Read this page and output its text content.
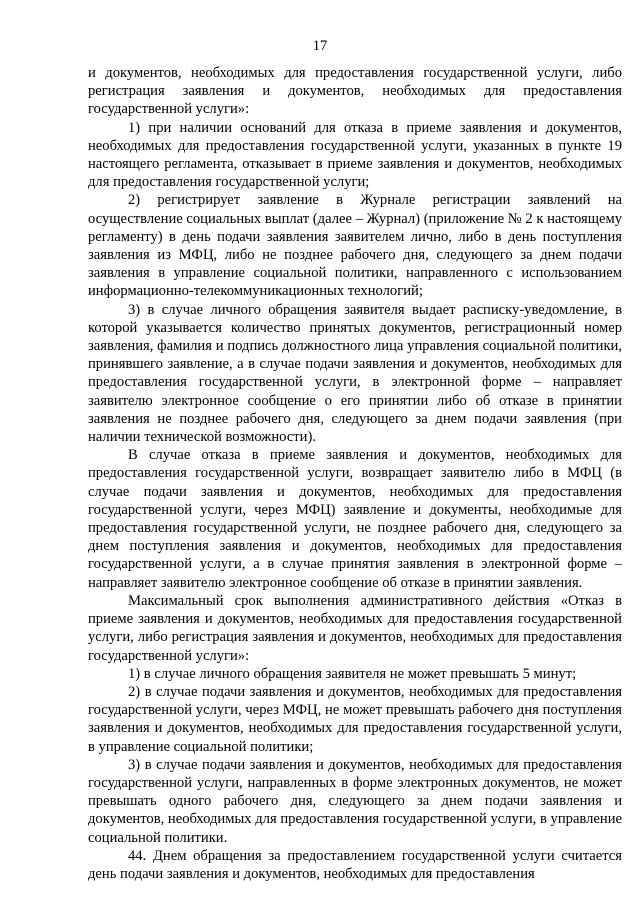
17

и документов, необходимых для предоставления государственной услуги, либо регистрация заявления и документов, необходимых для предоставления государственной услуги»:

1) при наличии оснований для отказа в приеме заявления и документов, необходимых для предоставления государственной услуги, указанных в пункте 19 настоящего регламента, отказывает в приеме заявления и документов, необходимых для предоставления государственной услуги;

2) регистрирует заявление в Журнале регистрации заявлений на осуществление социальных выплат (далее – Журнал) (приложение № 2 к настоящему регламенту) в день подачи заявления заявителем лично, либо в день поступления заявления из МФЦ, либо не позднее рабочего дня, следующего за днем подачи заявления в управление социальной политики, направленного с использованием информационно-телекоммуникационных технологий;

3) в случае личного обращения заявителя выдает расписку-уведомление, в которой указывается количество принятых документов, регистрационный номер заявления, фамилия и подпись должностного лица управления социальной политики, принявшего заявление, а в случае подачи заявления и документов, необходимых для предоставления государственной услуги, в электронной форме – направляет заявителю электронное сообщение о его принятии либо об отказе в принятии заявления не позднее рабочего дня, следующего за днем подачи заявления (при наличии технической возможности).

В случае отказа в приеме заявления и документов, необходимых для предоставления государственной услуги, возвращает заявителю либо в МФЦ (в случае подачи заявления и документов, необходимых для предоставления государственной услуги, через МФЦ) заявление и документы, необходимые для предоставления государственной услуги, не позднее рабочего дня, следующего за днем поступления заявления и документов, необходимых для предоставления государственной услуги, а в случае принятия заявления в электронной форме – направляет заявителю электронное сообщение об отказе в принятии заявления.

Максимальный срок выполнения административного действия «Отказ в приеме заявления и документов, необходимых для предоставления государственной услуги, либо регистрация заявления и документов, необходимых для предоставления государственной услуги»:

1) в случае личного обращения заявителя не может превышать 5 минут;

2) в случае подачи заявления и документов, необходимых для предоставления государственной услуги, через МФЦ, не может превышать рабочего дня поступления заявления и документов, необходимых для предоставления государственной услуги, в управление социальной политики;

3) в случае подачи заявления и документов, необходимых для предоставления государственной услуги, направленных в форме электронных документов, не может превышать одного рабочего дня, следующего за днем подачи заявления и документов, необходимых для предоставления государственной услуги, в управление социальной политики.

44. Днем обращения за предоставлением государственной услуги считается день подачи заявления и документов, необходимых для предоставления
